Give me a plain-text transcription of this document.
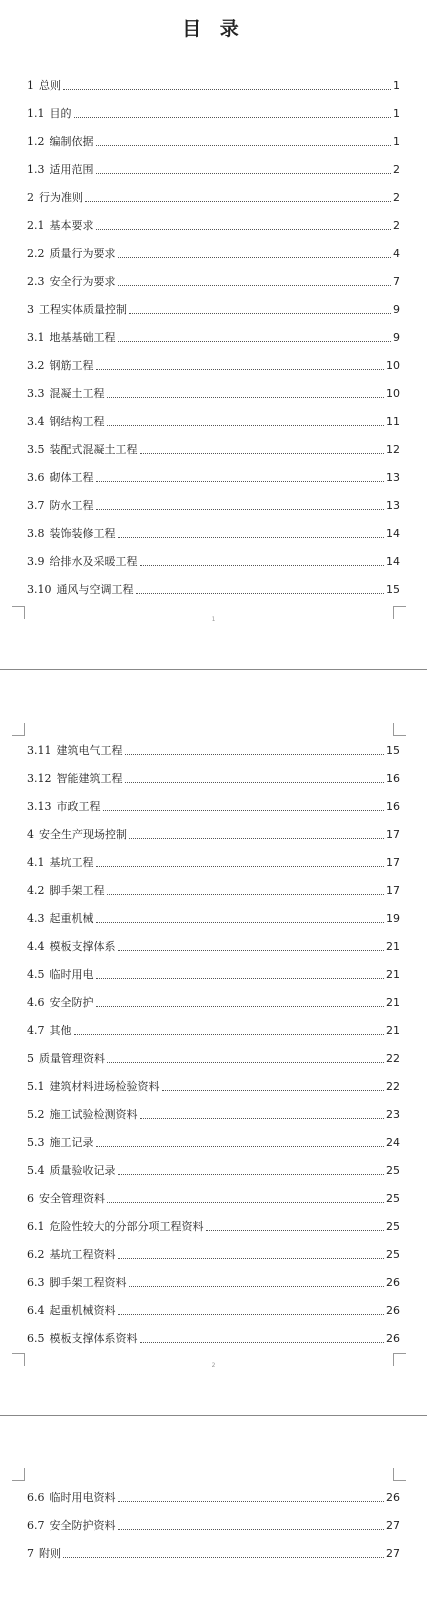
目 录
1 总则	1
1.1 目的	1
1.2 编制依据	1
1.3 适用范围	2
2 行为准则	2
2.1 基本要求	2
2.2 质量行为要求	4
2.3 安全行为要求	7
3 工程实体质量控制	9
3.1 地基基础工程	9
3.2 钢筋工程	10
3.3 混凝土工程	10
3.4 钢结构工程	11
3.5 装配式混凝土工程	12
3.6 砌体工程	13
3.7 防水工程	13
3.8 装饰装修工程	14
3.9 给排水及采暖工程	14
3.10 通风与空调工程	15
1
3.11 建筑电气工程	15
3.12 智能建筑工程	16
3.13 市政工程	16
4 安全生产现场控制	17
4.1 基坑工程	17
4.2 脚手架工程	17
4.3 起重机械	19
4.4 模板支撑体系	21
4.5 临时用电	21
4.6 安全防护	21
4.7 其他	21
5 质量管理资料	22
5.1 建筑材料进场检验资料	22
5.2 施工试验检测资料	23
5.3 施工记录	24
5.4 质量验收记录	25
6 安全管理资料	25
6.1 危险性较大的分部分项工程资料	25
6.2 基坑工程资料	25
6.3 脚手架工程资料	26
6.4 起重机械资料	26
6.5 模板支撑体系资料	26
2
6.6 临时用电资料	26
6.7 安全防护资料	27
7 附则	27
